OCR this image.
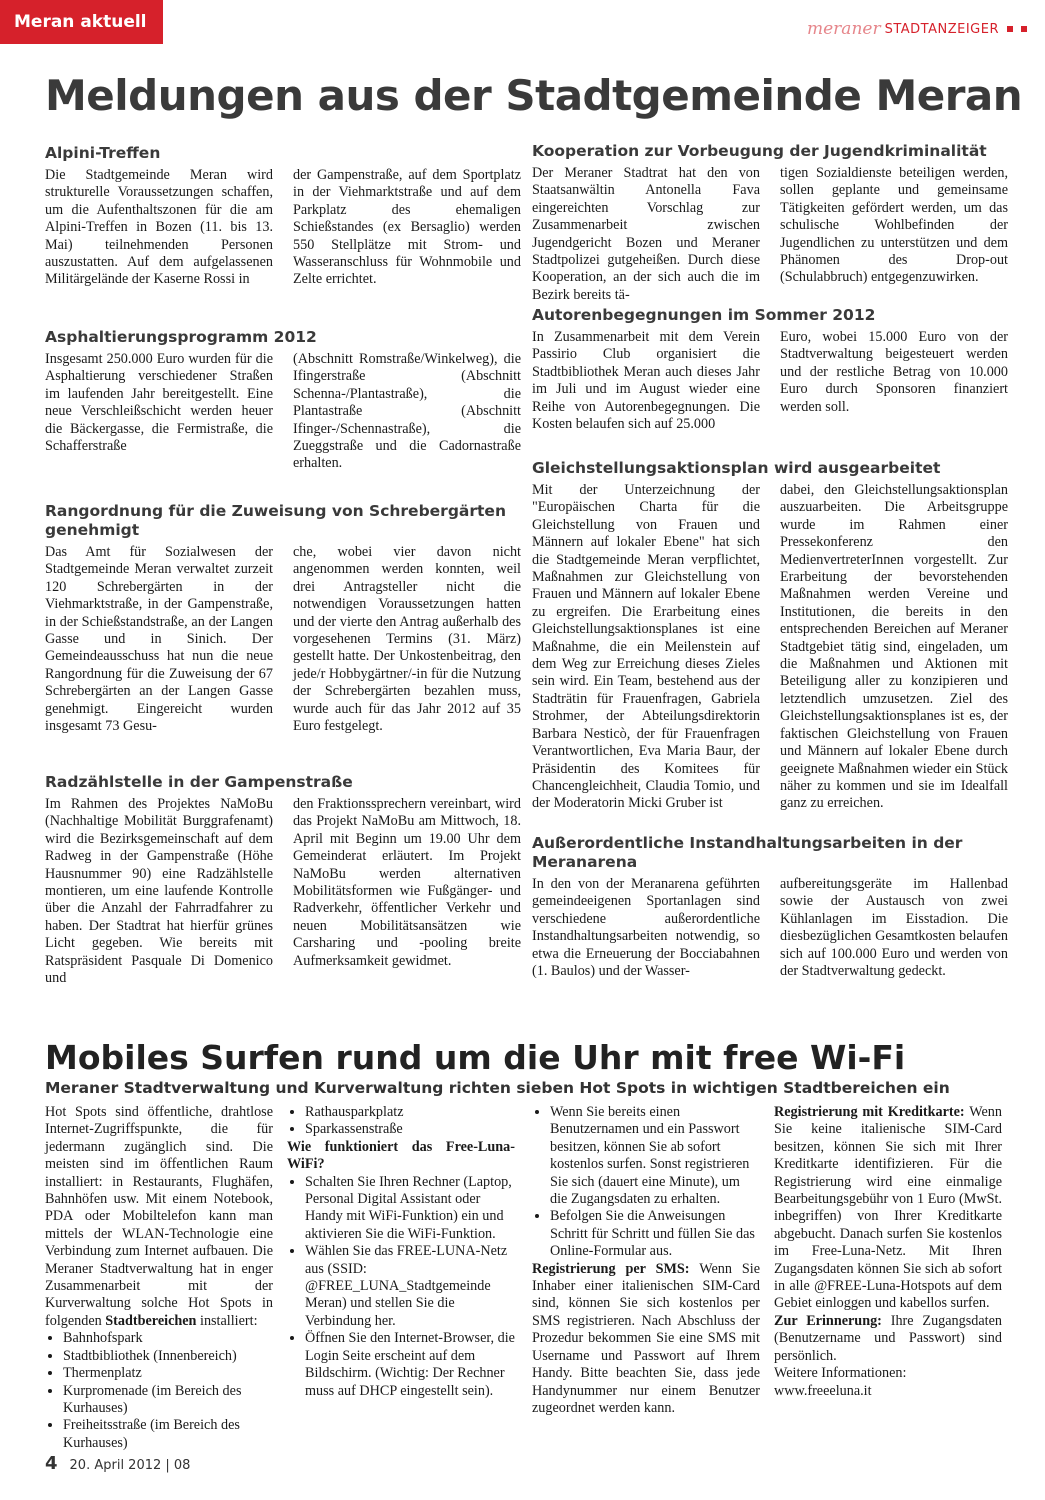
Meran aktuell	meraner STADTANZEIGER
Meldungen aus der Stadtgemeinde Meran
Alpini-Treffen

Die Stadtgemeinde Meran wird strukturelle Voraussetzungen schaffen, um die Aufenthaltszonen für die am Alpini-Treffen in Bozen (11. bis 13. Mai) teilnehmenden Personen auszustatten. Auf dem aufgelassenen Militärgelände der Kaserne Rossi in

der Gampenstraße, auf dem Sportplatz in der Viehmarktstraße und auf dem Parkplatz des ehemaligen Schießstandes (ex Bersaglio) werden 550 Stellplätze mit Strom- und Wasseranschluss für Wohnmobile und Zelte errichtet.

Asphaltierungsprogramm 2012

Insgesamt 250.000 Euro wurden für die Asphaltierung verschiedener Straßen im laufenden Jahr bereitgestellt. Eine neue Verschleißschicht werden heuer die Bäckergasse, die Fermistraße, die Schafferstraße

(Abschnitt Romstraße/Winkelweg), die Ifingerstraße (Abschnitt Schenna-/Plantastraße), die Plantastraße (Abschnitt Ifinger-/Schennastraße), die Zueggstraße und die Cadornastraße erhalten.

Rangordnung für die Zuweisung von Schrebergärten genehmigt

Das Amt für Sozialwesen der Stadtgemeinde Meran verwaltet zurzeit 120 Schrebergärten in der Viehmarktstraße, in der Gampenstraße, in der Schießstandstraße, an der Langen Gasse und in Sinich. Der Gemeindeausschuss hat nun die neue Rangordnung für die Zuweisung der 67 Schrebergärten an der Langen Gasse genehmigt. Eingereicht wurden insgesamt 73 Gesu-

che, wobei vier davon nicht angenommen werden konnten, weil drei Antragsteller nicht die notwendigen Voraussetzungen hatten und der vierte den Antrag außerhalb des vorgesehenen Termins (31. März) gestellt hatte. Der Unkostenbeitrag, den jede/r Hobbygärtner/-in für die Nutzung der Schrebergärten bezahlen muss, wurde auch für das Jahr 2012 auf 35 Euro festgelegt.

Radzählstelle in der Gampenstraße

Im Rahmen des Projektes NaMoBu (Nachhaltige Mobilität Burggrafenamt) wird die Bezirksgemeinschaft auf dem Radweg in der Gampenstraße (Höhe Hausnummer 90) eine Radzählstelle montieren, um eine laufende Kontrolle über die Anzahl der Fahrradfahrer zu haben. Der Stadtrat hat hierfür grünes Licht gegeben. Wie bereits mit Ratspräsident Pasquale Di Domenico und

den Fraktionssprechern vereinbart, wird das Projekt NaMoBu am Mittwoch, 18. April mit Beginn um 19.00 Uhr dem Gemeinderat erläutert. Im Projekt NaMoBu werden alternativen Mobilitätsformen wie Fußgänger- und Radverkehr, öffentlicher Verkehr und neuen Mobilitätsansätzen wie Carsharing und -pooling breite Aufmerksamkeit gewidmet.

Kooperation zur Vorbeugung der Jugendkriminalität

Der Meraner Stadtrat hat den von Staatsanwältin Antonella Fava eingereichten Vorschlag zur Zusammenarbeit zwischen Jugendgericht Bozen und Meraner Stadtpolizei gutgeheißen. Durch diese Kooperation, an der sich auch die im Bezirk bereits tä-

tigen Sozialdienste beteiligen werden, sollen geplante und gemeinsame Tätigkeiten gefördert werden, um das schulische Wohlbefinden der Jugendlichen zu unterstützen und dem Phänomen des Drop-out (Schulabbruch) entgegenzuwirken.

Autorenbegegnungen im Sommer 2012

In Zusammenarbeit mit dem Verein Passirio Club organisiert die Stadtbibliothek Meran auch dieses Jahr im Juli und im August wieder eine Reihe von Autorenbegegnungen. Die Kosten belaufen sich auf 25.000

Euro, wobei 15.000 Euro von der Stadtverwaltung beigesteuert werden und der restliche Betrag von 10.000 Euro durch Sponsoren finanziert werden soll.

Gleichstellungsaktionsplan wird ausgearbeitet

Mit der Unterzeichnung der "Europäischen Charta für die Gleichstellung von Frauen und Männern auf lokaler Ebene" hat sich die Stadtgemeinde Meran verpflichtet, Maßnahmen zur Gleichstellung von Frauen und Männern auf lokaler Ebene zu ergreifen. Die Erarbeitung eines Gleichstellungsaktionsplanes ist eine Maßnahme, die ein Meilenstein auf dem Weg zur Erreichung dieses Zieles sein wird. Ein Team, bestehend aus der Stadträtin für Frauenfragen, Gabriela Strohmer, der Abteilungsdirektorin Barbara Nesticò, der für Frauenfragen Verantwortlichen, Eva Maria Baur, der Präsidentin des Komitees für Chancengleichheit, Claudia Tomio, und der Moderatorin Micki Gruber ist

dabei, den Gleichstellungsaktionsplan auszuarbeiten. Die Arbeitsgruppe wurde im Rahmen einer Pressekonferenz den MedienvertreterInnen vorgestellt. Zur Erarbeitung der bevorstehenden Maßnahmen werden Vereine und Institutionen, die bereits in den entsprechenden Bereichen auf Meraner Stadtgebiet tätig sind, eingeladen, um die Maßnahmen und Aktionen mit Beteiligung aller zu konzipieren und letztendlich umzusetzen. Ziel des Gleichstellungsaktionsplanes ist es, der faktischen Gleichstellung von Frauen und Männern auf lokaler Ebene durch geeignete Maßnahmen wieder ein Stück näher zu kommen und sie im Idealfall ganz zu erreichen.

Außerordentliche Instandhaltungsarbeiten in der Meranarena

In den von der Meranarena geführten gemeindeeigenen Sportanlagen sind verschiedene außerordentliche Instandhaltungsarbeiten notwendig, so etwa die Erneuerung der Bocciabahnen (1. Baulos) und der Wasser-

aufbereitungsgeräte im Hallenbad sowie der Austausch von zwei Kühlanlagen im Eisstadion. Die diesbezüglichen Gesamtkosten belaufen sich auf 100.000 Euro und werden von der Stadtverwaltung gedeckt.

Mobiles Surfen rund um die Uhr mit free Wi-Fi
Meraner Stadtverwaltung und Kurverwaltung richten sieben Hot Spots in wichtigen Stadtbereichen ein

Hot Spots sind öffentliche, drahtlose Internet-Zugriffspunkte, die für jedermann zugänglich sind. Die meisten sind im öffentlichen Raum installiert: in Restaurants, Flughäfen, Bahnhöfen usw. Mit einem Notebook, PDA oder Mobiltelefon kann man mittels der WLAN-Technologie eine Verbindung zum Internet aufbauen. Die Meraner Stadtverwaltung hat in enger Zusammenarbeit mit der Kurverwaltung solche Hot Spots in folgenden Stadtbereichen installiert:

• Bahnhofspark
• Stadtbibliothek (Innenbereich)
• Thermenplatz
• Kurpromenade (im Bereich des Kurhauses)
• Freiheitsstraße (im Bereich des Kurhauses)
• Rathausparkplatz
• Sparkassenstraße

Wie funktioniert das Free-Luna-WiFi?

• Schalten Sie Ihren Rechner (Laptop, Personal Digital Assistant oder Handy mit WiFi-Funktion) ein und aktivieren Sie die WiFi-Funktion.
• Wählen Sie das FREE-LUNA-Netz aus (SSID: @FREE_LUNA_Stadtgemeinde Meran) und stellen Sie die Verbindung her.
• Öffnen Sie den Internet-Browser, die Login Seite erscheint auf dem Bildschirm. (Wichtig: Der Rechner muss auf DHCP eingestellt sein).
• Wenn Sie bereits einen Benutzernamen und ein Passwort besitzen, können Sie ab sofort kostenlos surfen. Sonst registrieren Sie sich (dauert eine Minute), um die Zugangsdaten zu erhalten.
• Befolgen Sie die Anweisungen Schritt für Schritt und füllen Sie das Online-Formular aus.

Registrierung per SMS: Wenn Sie Inhaber einer italienischen SIM-Card sind, können Sie sich kostenlos per SMS registrieren. Nach Abschluss der Prozedur bekommen Sie eine SMS mit Username und Passwort auf Ihrem Handy. Bitte beachten Sie, dass jede Handynummer nur einem Benutzer zugeordnet werden kann.

Registrierung mit Kreditkarte: Wenn Sie keine italienische SIM-Card besitzen, können Sie sich mit Ihrer Kreditkarte identifizieren. Für die Registrierung wird eine einmalige Bearbeitungsgebühr von 1 Euro (MwSt. inbegriffen) von Ihrer Kreditkarte abgebucht. Danach surfen Sie kostenlos im Free-Luna-Netz. Mit Ihren Zugangsdaten können Sie sich ab sofort in alle @FREE-Luna-Hotspots auf dem Gebiet einloggen und kabellos surfen.

Zur Erinnerung: Ihre Zugangsdaten (Benutzername und Passwort) sind persönlich.

Weitere Informationen:

www.freeeluna.it

4 20. April 2012 | 08
